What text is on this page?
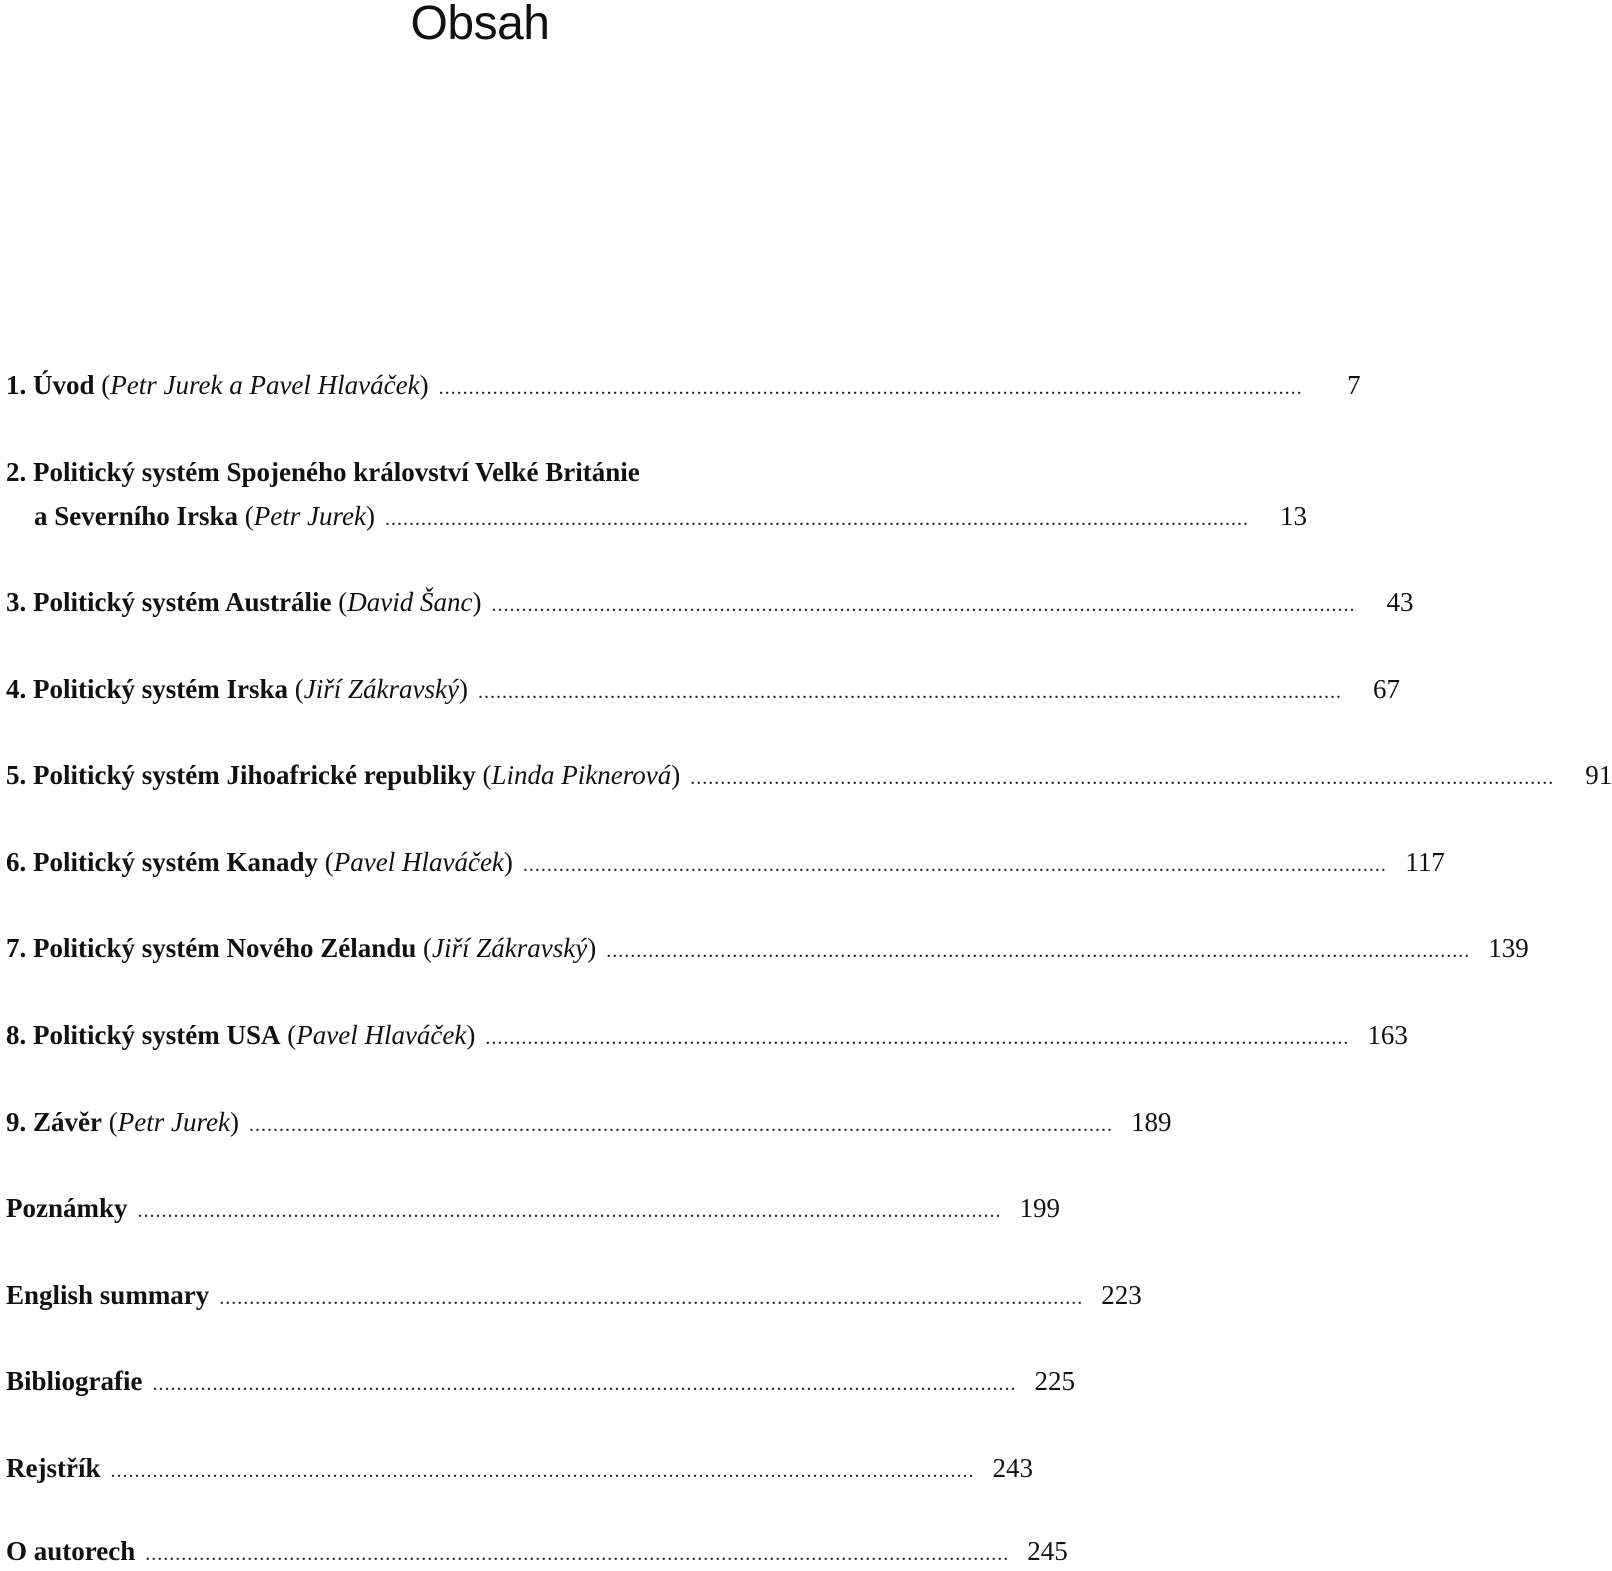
Obsah
1. Úvod (Petr Jurek a Pavel Hlaváček) ................................................................................................................................................	7
2. Politický systém Spojeného království Velké Británie
a Severního Irska (Petr Jurek) ................................................................................................................................................	13
3. Politický systém Austrálie (David Šanc) ................................................................................................................................................	43
4. Politický systém Irska (Jiří Zákravský) ................................................................................................................................................	67
5. Politický systém Jihoafrické republiky (Linda Piknerová) ................................................................................................................................................	91
6. Politický systém Kanady (Pavel Hlaváček) ................................................................................................................................................ 117
7. Politický systém Nového Zélandu (Jiří Zákravský) ................................................................................................................................................ 139
8. Politický systém USA (Pavel Hlaváček) ................................................................................................................................................ 163
9. Závěr (Petr Jurek) ................................................................................................................................................ 189
Poznámky ................................................................................................................................................ 199
English summary ................................................................................................................................................ 223
Bibliografie ................................................................................................................................................ 225
Rejstřík ................................................................................................................................................ 243
O autorech ................................................................................................................................................ 245
